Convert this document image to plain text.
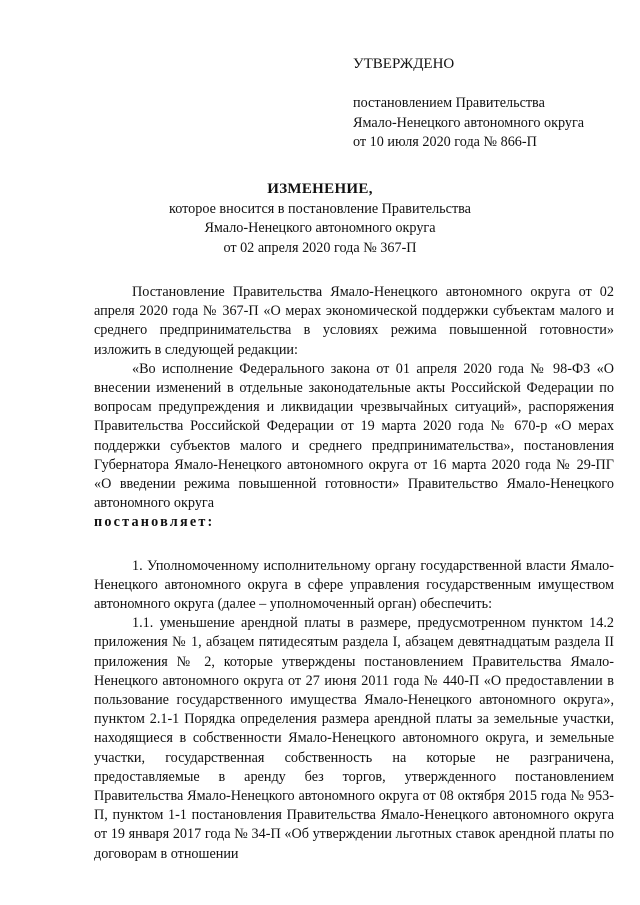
УТВЕРЖДЕНО
постановлением Правительства
Ямало-Ненецкого автономного округа
от 10 июля 2020 года № 866-П
ИЗМЕНЕНИЕ,
которое вносится в постановление Правительства
Ямало-Ненецкого автономного округа
от 02 апреля 2020 года № 367-П

Постановление Правительства Ямало-Ненецкого автономного округа от 02 апреля 2020 года № 367-П «О мерах экономической поддержки субъектам малого и среднего предпринимательства в условиях режима повышенной готовности» изложить в следующей редакции:

«Во исполнение Федерального закона от 01 апреля 2020 года № 98-ФЗ «О внесении изменений в отдельные законодательные акты Российской Федерации по вопросам предупреждения и ликвидации чрезвычайных ситуаций», распоряжения Правительства Российской Федерации от 19 марта 2020 года № 670-р «О мерах поддержки субъектов малого и среднего предпринимательства», постановления Губернатора Ямало-Ненецкого автономного округа от 16 марта 2020 года № 29-ПГ «О введении режима повышенной готовности» Правительство Ямало-Ненецкого автономного округа

постановляет:

1. Уполномоченному исполнительному органу государственной власти Ямало-Ненецкого автономного округа в сфере управления государственным имуществом автономного округа (далее – уполномоченный орган) обеспечить:

1.1. уменьшение арендной платы в размере, предусмотренном пунктом 14.2 приложения № 1, абзацем пятидесятым раздела I, абзацем девятнадцатым раздела II приложения № 2, которые утверждены постановлением Правительства Ямало-Ненецкого автономного округа от 27 июня 2011 года № 440-П «О предоставлении в пользование государственного имущества Ямало-Ненецкого автономного округа», пунктом 2.1-1 Порядка определения размера арендной платы за земельные участки, находящиеся в собственности Ямало-Ненецкого автономного округа, и земельные участки, государственная собственность на которые не разграничена, предоставляемые в аренду без торгов, утвержденного постановлением Правительства Ямало-Ненецкого автономного округа от 08 октября 2015 года № 953-П, пунктом 1-1 постановления Правительства Ямало-Ненецкого автономного округа от 19 января 2017 года № 34-П «Об утверждении льготных ставок арендной платы по договорам в отношении
